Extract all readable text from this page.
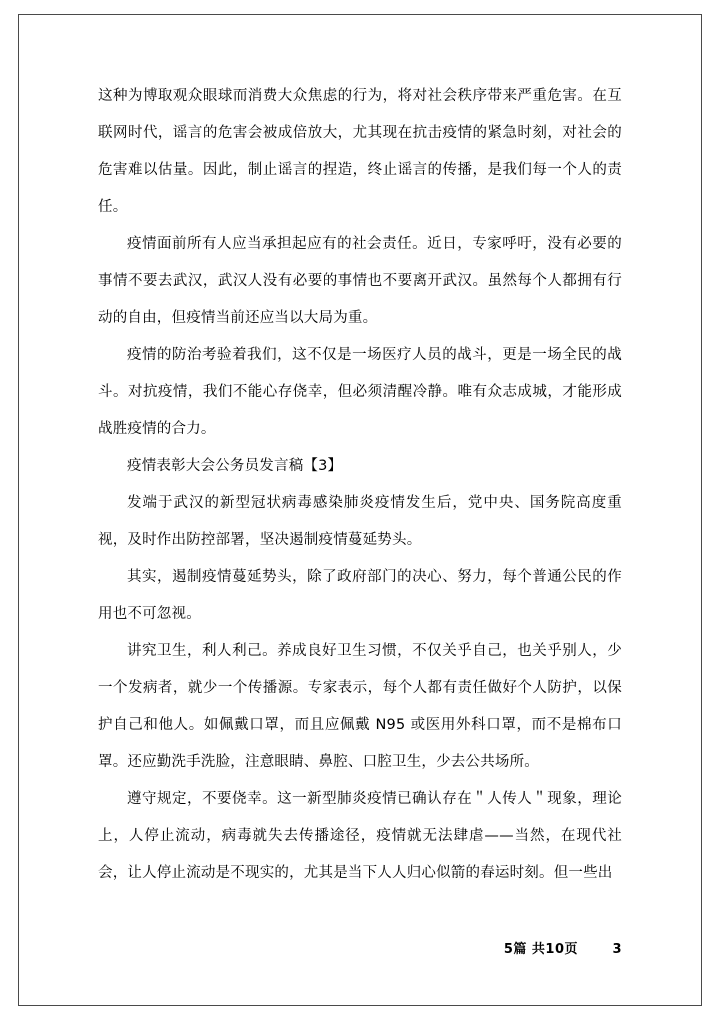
这种为博取观众眼球而消费大众焦虑的行为，将对社会秩序带来严重危害。在互联网时代，谣言的危害会被成倍放大，尤其现在抗击疫情的紧急时刻，对社会的危害难以估量。因此，制止谣言的捏造，终止谣言的传播，是我们每一个人的责任。

疫情面前所有人应当承担起应有的社会责任。近日，专家呼吁，没有必要的事情不要去武汉，武汉人没有必要的事情也不要离开武汉。虽然每个人都拥有行动的自由，但疫情当前还应当以大局为重。

疫情的防治考验着我们，这不仅是一场医疗人员的战斗，更是一场全民的战斗。对抗疫情，我们不能心存侥幸，但必须清醒冷静。唯有众志成城，才能形成战胜疫情的合力。

疫情表彰大会公务员发言稿【3】

发端于武汉的新型冠状病毒感染肺炎疫情发生后，党中央、国务院高度重视，及时作出防控部署，坚决遏制疫情蔓延势头。

其实，遏制疫情蔓延势头，除了政府部门的决心、努力，每个普通公民的作用也不可忽视。

讲究卫生，利人利己。养成良好卫生习惯，不仅关乎自己，也关乎别人，少一个发病者，就少一个传播源。专家表示，每个人都有责任做好个人防护，以保护自己和他人。如佩戴口罩，而且应佩戴 N95 或医用外科口罩，而不是棉布口罩。还应勤洗手洗脸，注意眼睛、鼻腔、口腔卫生，少去公共场所。

遵守规定，不要侥幸。这一新型肺炎疫情已确认存在＂人传人＂现象，理论上，人停止流动，病毒就失去传播途径，疫情就无法肆虐——当然，在现代社会，让人停止流动是不现实的，尤其是当下人人归心似箭的春运时刻。但一些出

5篇 共10页	3
